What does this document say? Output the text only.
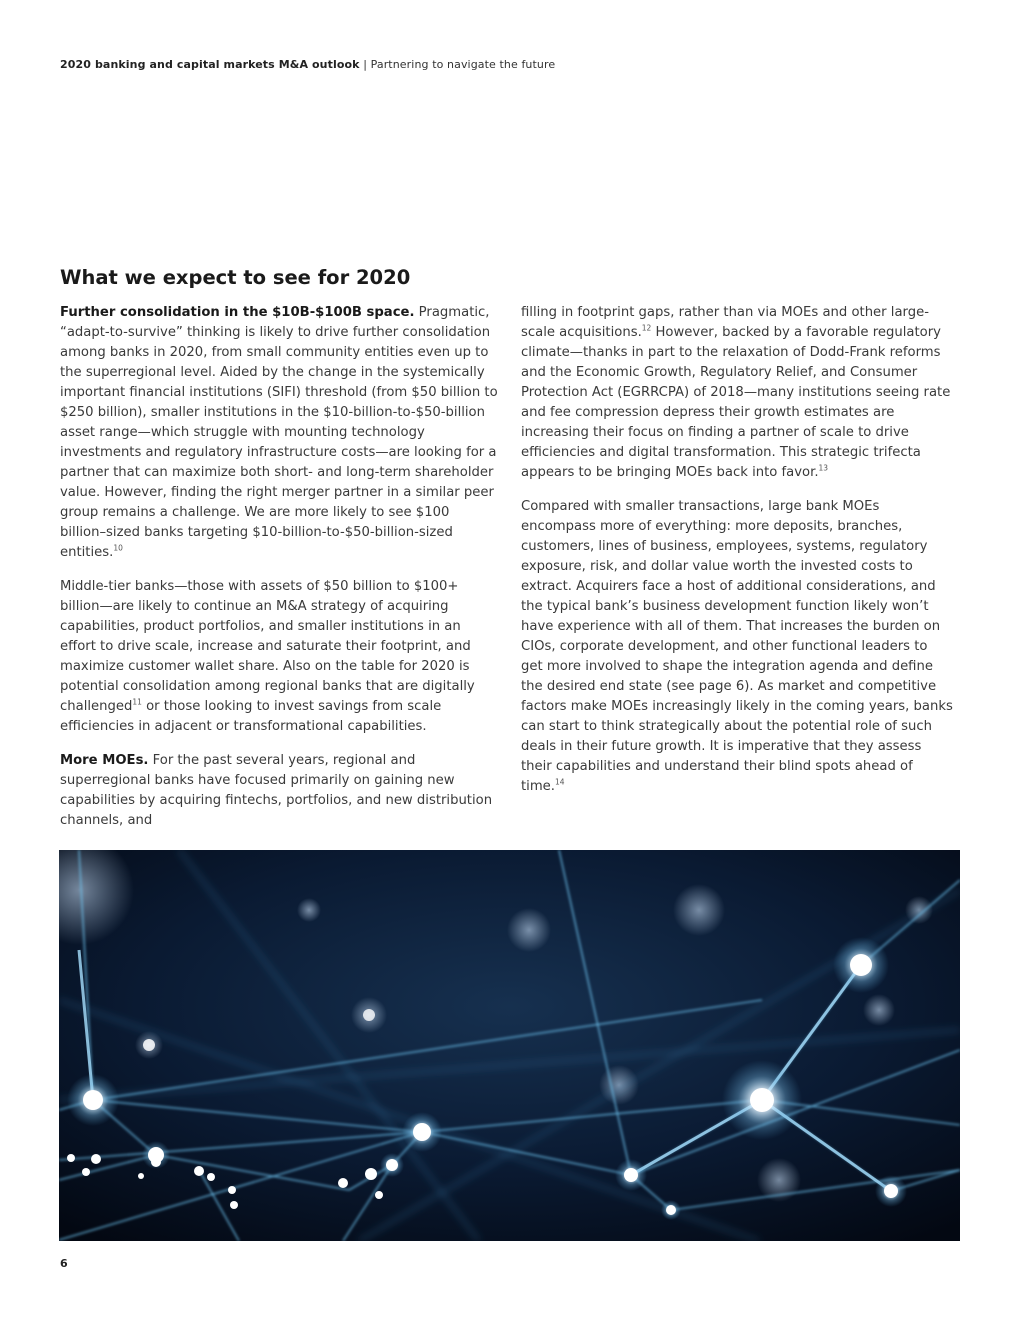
2020 banking and capital markets M&A outlook | Partnering to navigate the future
What we expect to see for 2020

Further consolidation in the $10B-$100B space. Pragmatic, “adapt-to-survive” thinking is likely to drive further consolidation among banks in 2020, from small community entities even up to the superregional level. Aided by the change in the systemically important financial institutions (SIFI) threshold (from $50 billion to $250 billion), smaller institutions in the $10-billion-to-$50-billion asset range—which struggle with mounting technology investments and regulatory infrastructure costs—are looking for a partner that can maximize both short- and long-term shareholder value. However, finding the right merger partner in a similar peer group remains a challenge. We are more likely to see $100 billion–sized banks targeting $10-billion-to-$50-billion-sized entities.$^{10}$

Middle-tier banks—those with assets of $50 billion to $100+ billion—are likely to continue an M&A strategy of acquiring capabilities, product portfolios, and smaller institutions in an effort to drive scale, increase and saturate their footprint, and maximize customer wallet share. Also on the table for 2020 is potential consolidation among regional banks that are digitally challenged$^{11}$ or those looking to invest savings from scale efficiencies in adjacent or transformational capabilities.

More MOEs. For the past several years, regional and superregional banks have focused primarily on gaining new capabilities by acquiring fintechs, portfolios, and new distribution channels, and

filling in footprint gaps, rather than via MOEs and other large-scale acquisitions.$^{12}$ However, backed by a favorable regulatory climate—thanks in part to the relaxation of Dodd-Frank reforms and the Economic Growth, Regulatory Relief, and Consumer Protection Act (EGRRCPA) of 2018—many institutions seeing rate and fee compression depress their growth estimates are increasing their focus on finding a partner of scale to drive efficiencies and digital transformation. This strategic trifecta appears to be bringing MOEs back into favor.$^{13}$

Compared with smaller transactions, large bank MOEs encompass more of everything: more deposits, branches, customers, lines of business, employees, systems, regulatory exposure, risk, and dollar value worth the invested costs to extract. Acquirers face a host of additional considerations, and the typical bank’s business development function likely won’t have experience with all of them. That increases the burden on CIOs, corporate development, and other functional leaders to get more involved to shape the integration agenda and define the desired end state (see page 6). As market and competitive factors make MOEs increasingly likely in the coming years, banks can start to think strategically about the potential role of such deals in their future growth. It is imperative that they assess their capabilities and understand their blind spots ahead of time.$^{14}$

6
